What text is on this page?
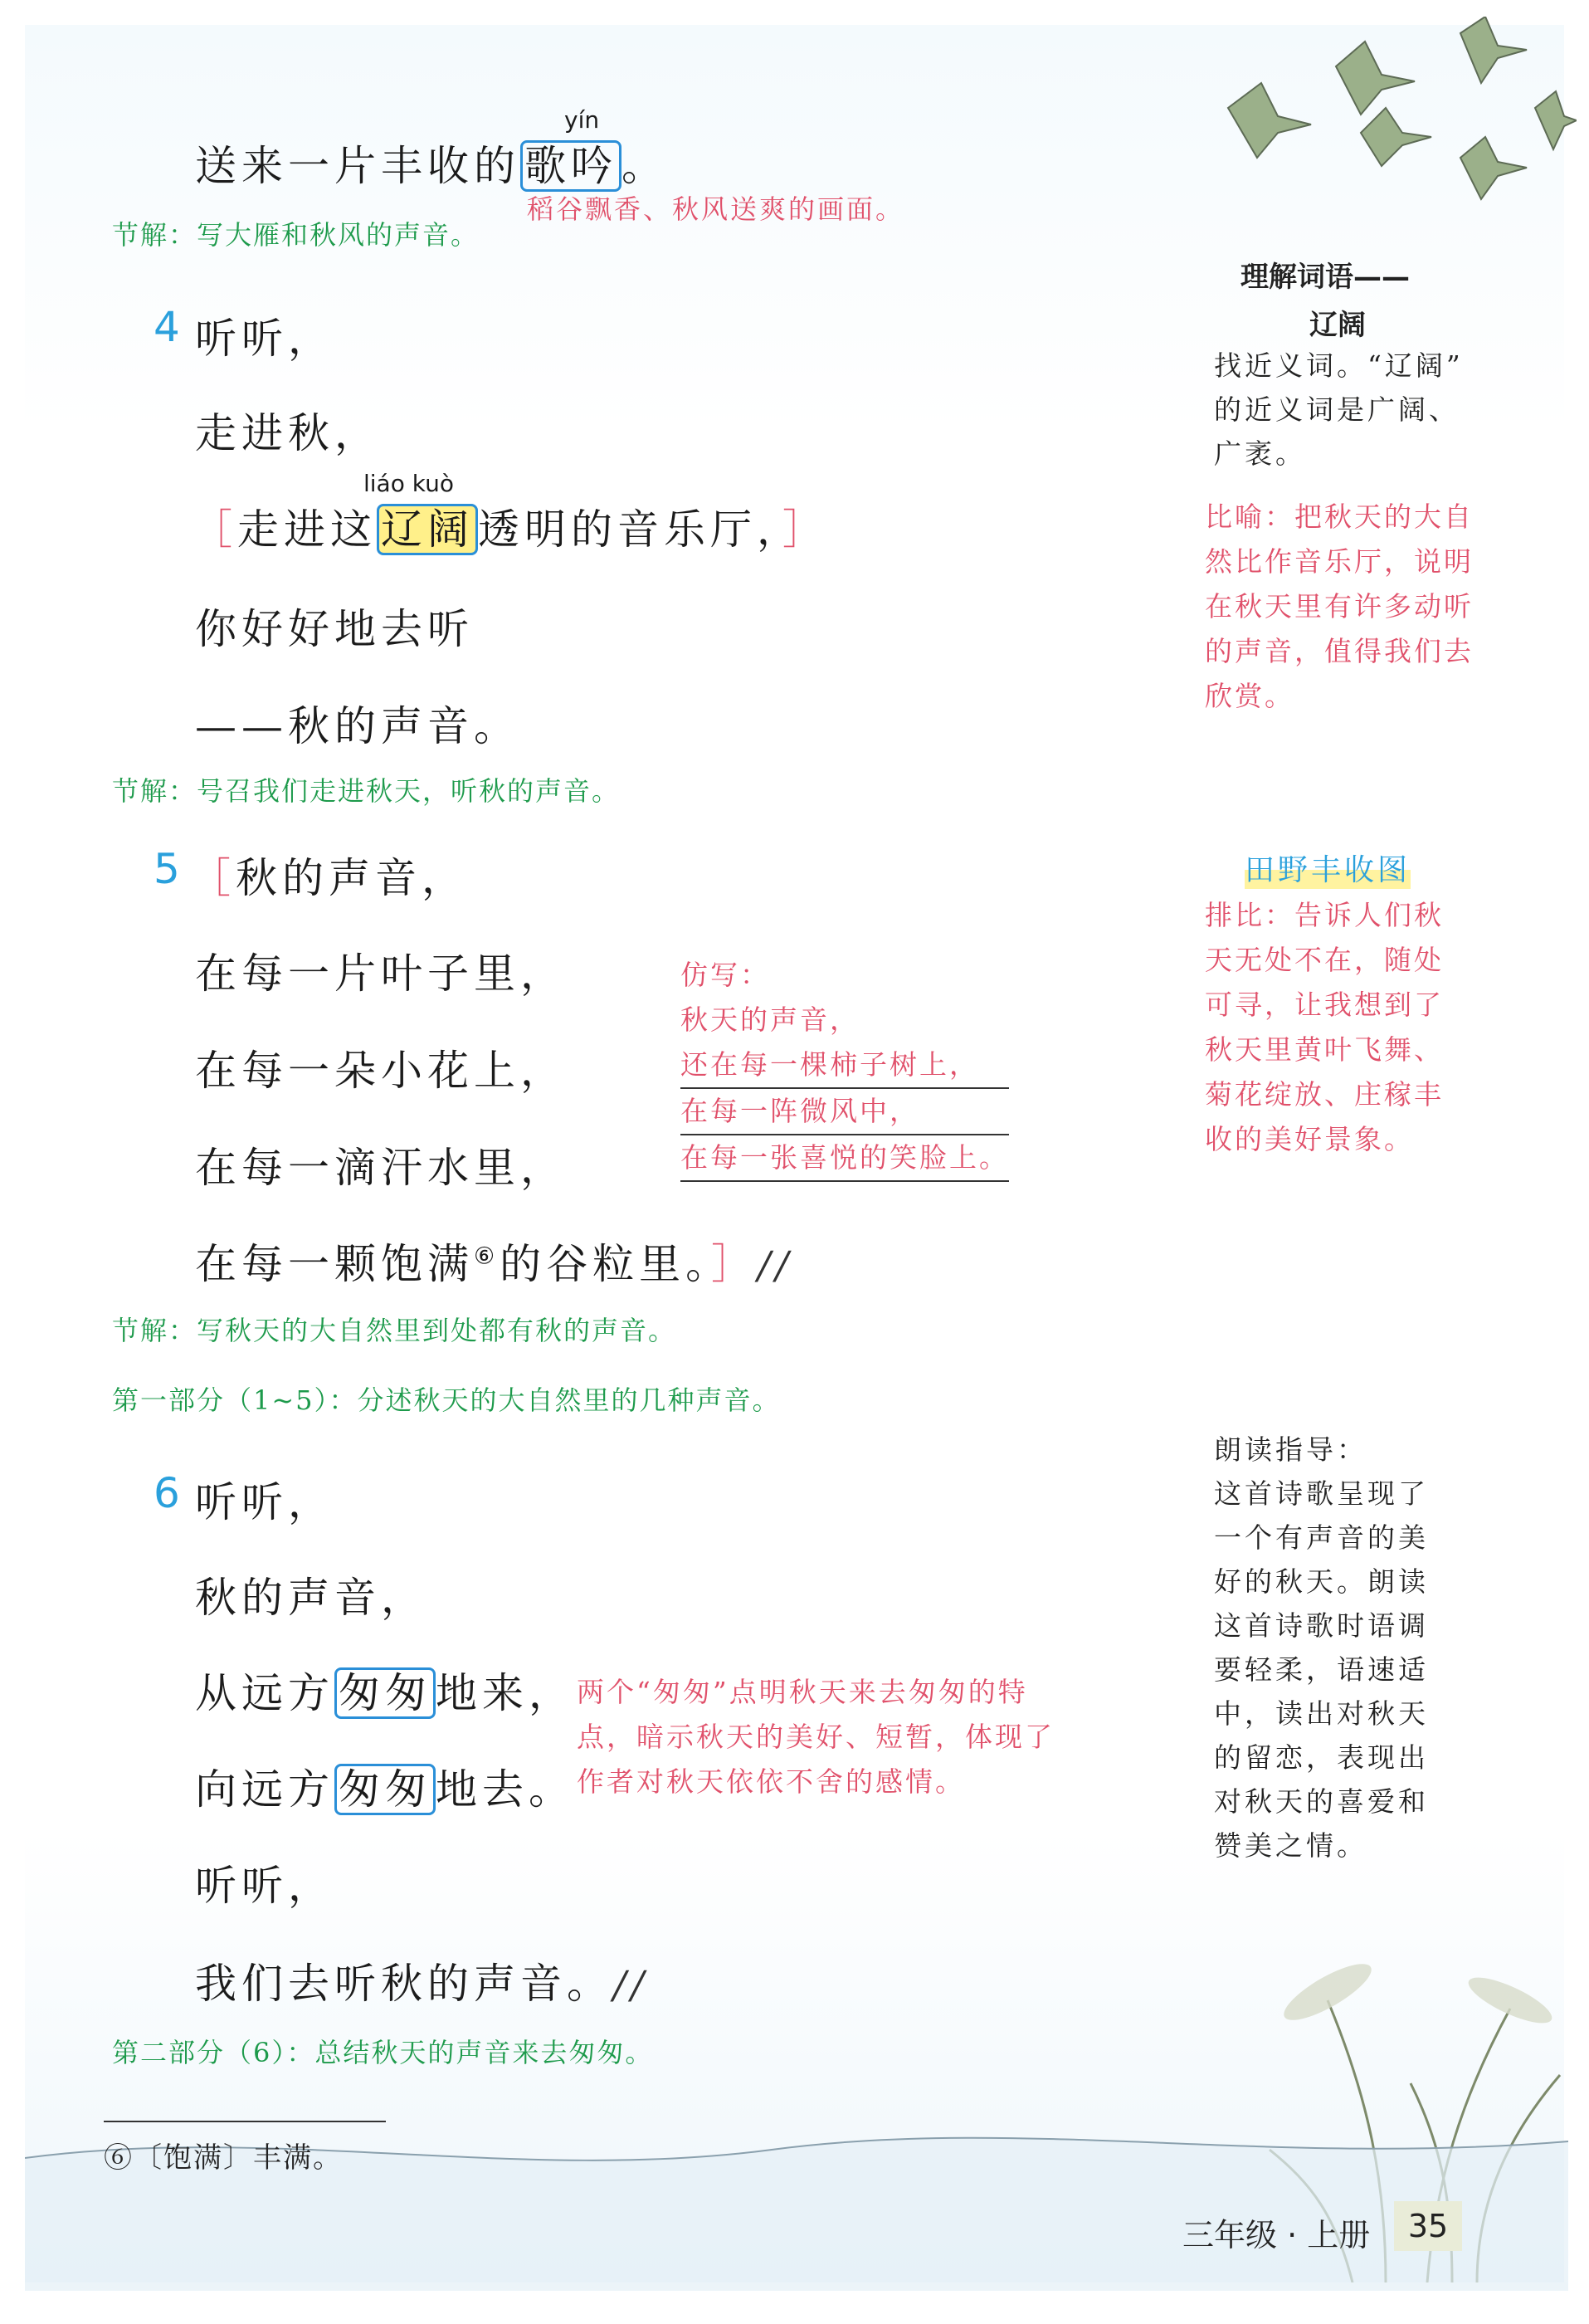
yín
送来一片丰收的 歌吟 。
稻谷飘香、秋风送爽的画面。
节解：写大雁和秋风的声音。
4 听听，
走进秋，
liáo kuò
［走进这 辽阔 透明的音乐厅，］
你好好地去听
——秋的声音。
节解：号召我们走进秋天，听秋的声音。
5 ［秋的声音，
在每一片叶子里，
在每一朵小花上，
在每一滴汗水里，
在每一颗饱满⑥的谷粒里。］//
节解：写秋天的大自然里到处都有秋的声音。
第一部分（1~5）：分述秋天的大自然里的几种声音。
仿写：
秋天的声音，
还在每一棵柿子树上，
在每一阵微风中，
在每一张喜悦的笑脸上。
6 听听，
秋的声音，
从远方 匆匆 地来，
向远方 匆匆 地去。
听听，
我们去听秋的声音。//
第二部分（6）：总结秋天的声音来去匆匆。
两个“匆匆”点明秋天来去匆匆的特
点，暗示秋天的美好、短暂，体现了
作者对秋天依依不舍的感情。
理解词语——
辽阔
找近义词。“辽阔”
的近义词是广阔、
广袤。
比喻：把秋天的大自
然比作音乐厅，说明
在秋天里有许多动听
的声音，值得我们去
欣赏。
田野丰收图
排比：告诉人们秋
天无处不在，随处
可寻，让我想到了
秋天里黄叶飞舞、
菊花绽放、庄稼丰
收的美好景象。
朗读指导：
这首诗歌呈现了
一个有声音的美
好的秋天。朗读
这首诗歌时语调
要轻柔，语速适
中，读出对秋天
的留恋，表现出
对秋天的喜爱和
赞美之情。
⑥〔饱满〕丰满。
三年级 · 上册	35
